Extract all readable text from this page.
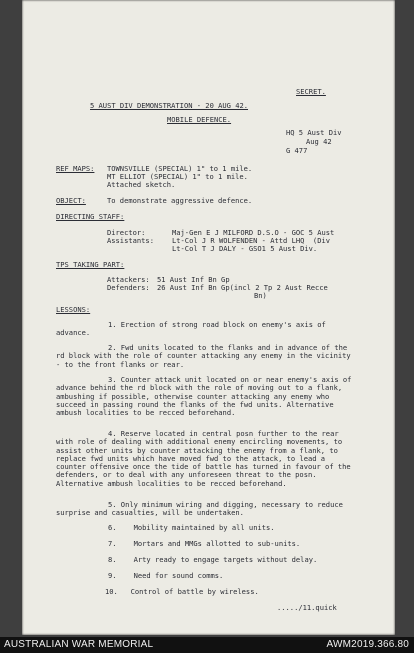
SECRET.
5 AUST DIV DEMONSTRATION - 20 AUG 42.
MOBILE DEFENCE.
HQ 5 Aust Div
Aug 42
G 477
REF MAPS: TOWNSVILLE (SPECIAL) 1" to 1 mile.
MT ELLIOT (SPECIAL) 1" to 1 mile.
Attached sketch.
OBJECT:	To demonstrate aggressive defence.
DIRECTING STAFF:
Director:	Maj-Gen E J MILFORD D.S.O - GOC 5 Aust
Assistants:	Lt-Col J R WOLFENDEN - Attd LHQ  (Div
Lt-Col T J DALY - GSO1 5 Aust Div.
TPS TAKING PART:
Attackers: 51 Aust Inf Bn Gp
Defenders: 26 Aust Inf Bn Gp(incl 2 Tp 2 Aust Recce
Bn)
LESSONS:
1. Erection of strong road block on enemy's axis of advance.
2. Fwd units located to the flanks and in advance of the rd block with the role of counter attacking any enemy in the vicinity - to the front flanks or rear.
3. Counter attack unit located on or near enemy's axis of advance behind the rd block with the role of moving out to a flank, ambushing if possible, otherwise counter attacking any enemy who succeed in passing round the flanks of the fwd units. Alternative ambush localities to be recced beforehand.
4. Reserve located in central posn further to the rear with role of dealing with additional enemy encircling movements, to assist other units by counter attacking the enemy from a flank, to replace fwd units which have moved fwd to the attack, to lead a counter offensive once the tide of battle has turned in favour of the defenders, or to deal with any unforeseen threat to the posn. Alternative ambush localities to be recced beforehand.
5. Only minimum wiring and digging, necessary to reduce surprise and casualties, will be undertaken.
6.    Mobility maintained by all units.
7.    Mortars and MMGs allotted to sub-units.
8.    Arty ready to engage targets without delay.
9.    Need for sound comms.
10.   Control of battle by wireless.
...../11.quick
AUSTRALIAN WAR MEMORIAL	AWM2019.366.80
